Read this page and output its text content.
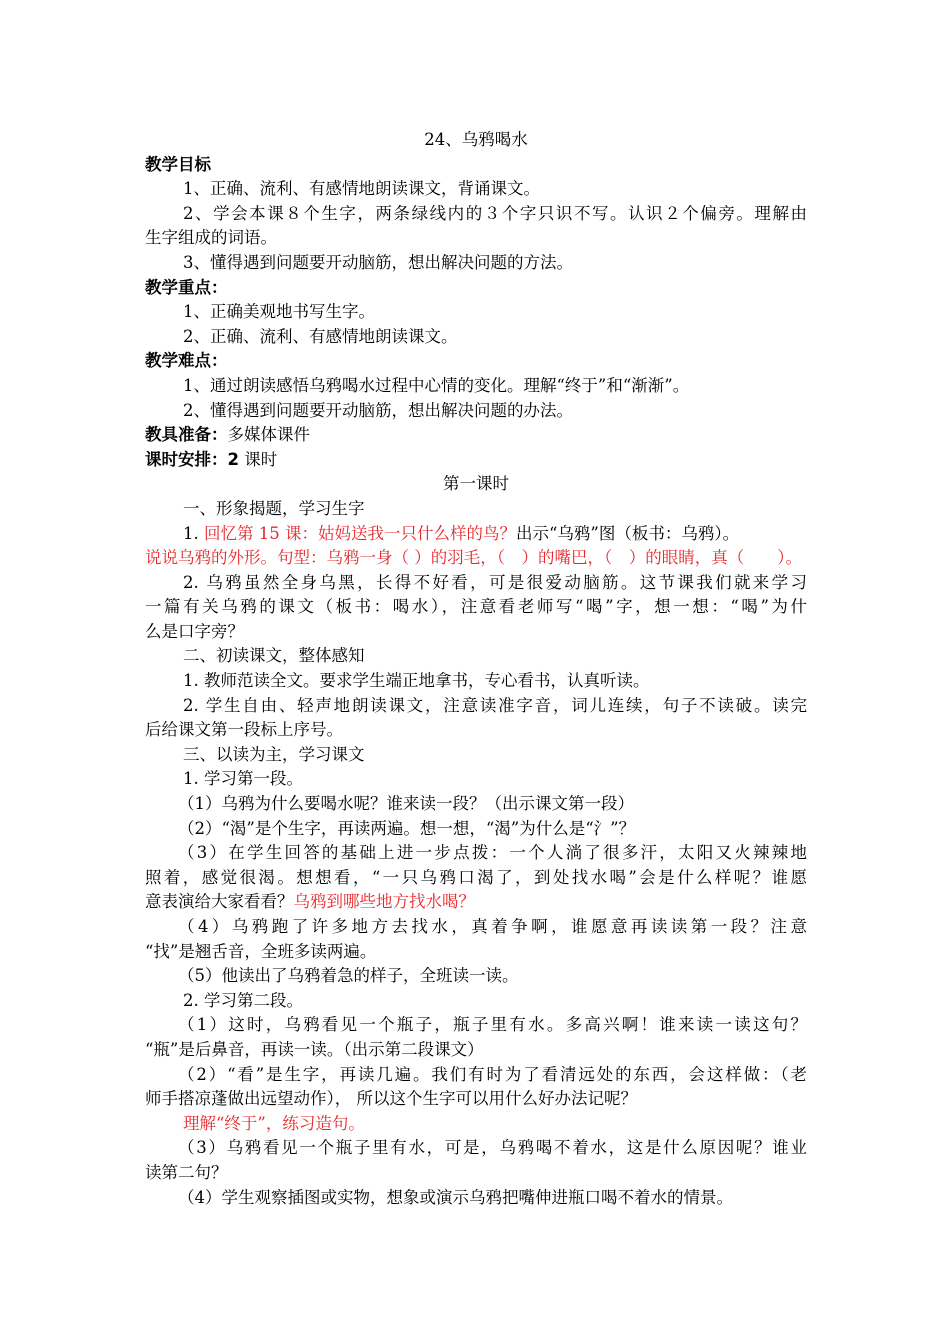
24、乌鸦喝水
教学目标
1、正确、流利、有感情地朗读课文，背诵课文。
2、学会本课８个生字，两条绿线内的３个字只识不写。认识２个偏旁。理解由
生字组成的词语。
3、懂得遇到问题要开动脑筋，想出解决问题的方法。
教学重点：
1、正确美观地书写生字。
2、正确、流利、有感情地朗读课文。
教学难点：
1、通过朗读感悟乌鸦喝水过程中心情的变化。理解“终于”和“渐渐”。
2、懂得遇到问题要开动脑筋，想出解决问题的办法。
教具准备：多媒体课件
课时安排：2 课时
第一课时
一、形象揭题，学习生字
1. 回忆第 15 课：姑妈送我一只什么样的鸟？出示“乌鸦”图（板书：乌鸦）。
说说乌鸦的外形。句型：乌鸦一身（ ）的羽毛，（　）的嘴巴，（　）的眼睛，真（　　）。
2. 乌鸦虽然全身乌黑，长得不好看，可是很爱动脑筋。这节课我们就来学习
一篇有关乌鸦的课文（板书：喝水），注意看老师写“喝”字，想一想：“喝”为什
么是口字旁？
二、初读课文，整体感知
1. 教师范读全文。要求学生端正地拿书，专心看书，认真听读。
2. 学生自由、轻声地朗读课文，注意读准字音，词儿连续，句子不读破。读完
后给课文第一段标上序号。
三、以读为主，学习课文
1. 学习第一段。
（1）乌鸦为什么要喝水呢？谁来读一段？（出示课文第一段）
（2）“渴”是个生字，再读两遍。想一想，“渴”为什么是“氵”？
（3）在学生回答的基础上进一步点拨：一个人淌了很多汗，太阳又火辣辣地
照着，感觉很渴。想想看，“一只乌鸦口渴了，到处找水喝”会是什么样呢？谁愿
意表演给大家看看？乌鸦到哪些地方找水喝？
（4）乌鸦跑了许多地方去找水，真着争啊，谁愿意再读读第一段？注意
“找”是翘舌音，全班多读两遍。
（5）他读出了乌鸦着急的样子，全班读一读。
2. 学习第二段。
（1）这时，乌鸦看见一个瓶子，瓶子里有水。多高兴啊！谁来读一读这句？
“瓶”是后鼻音，再读一读。（出示第二段课文）
（2）“看”是生字，再读几遍。我们有时为了看清远处的东西，会这样做：（老
师手搭凉蓬做出远望动作）， 所以这个生字可以用什么好办法记呢？
理解“终于”，练习造句。
（3）乌鸦看见一个瓶子里有水，可是，乌鸦喝不着水，这是什么原因呢？谁业
读第二句？
（4）学生观察插图或实物，想象或演示乌鸦把嘴伸进瓶口喝不着水的情景。
